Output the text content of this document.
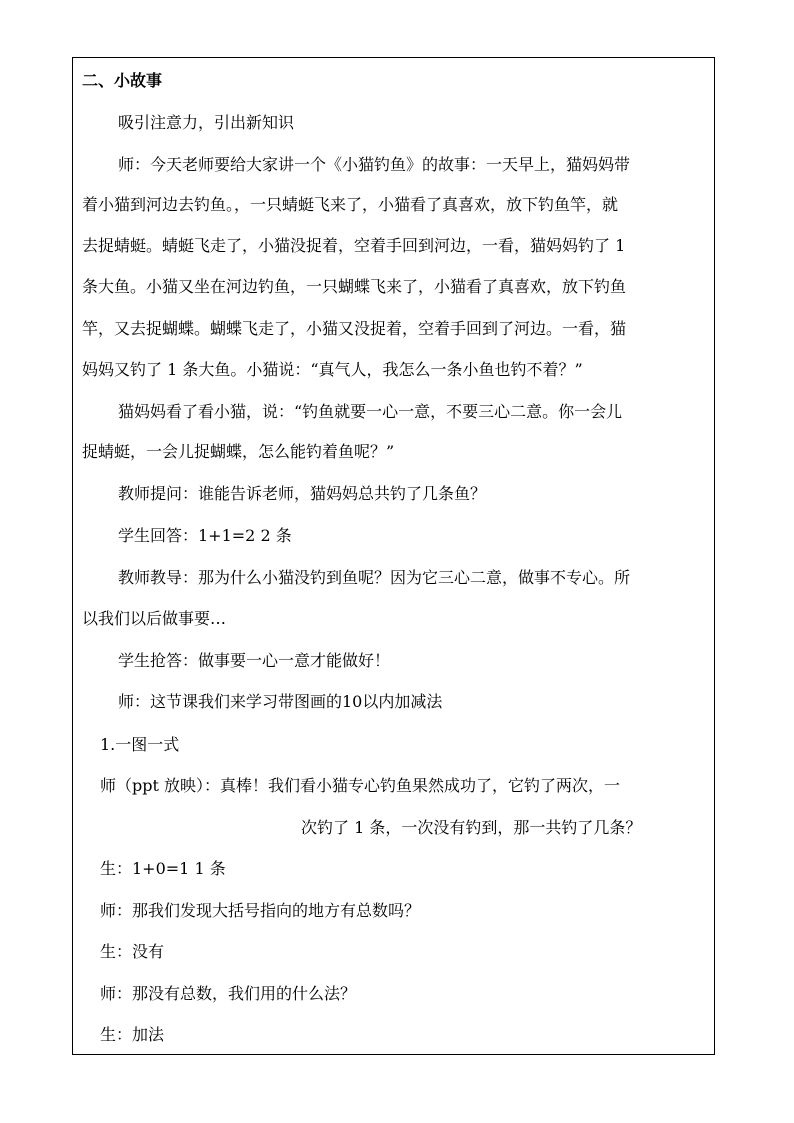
二、小故事
吸引注意力，引出新知识
师：今天老师要给大家讲一个《小猫钓鱼》的故事：一天早上，猫妈妈带
着小猫到河边去钓鱼。，一只蜻蜓飞来了，小猫看了真喜欢，放下钓鱼竿，就
去捉蜻蜓。蜻蜓飞走了，小猫没捉着，空着手回到河边，一看，猫妈妈钓了 1
条大鱼。小猫又坐在河边钓鱼，一只蝴蝶飞来了，小猫看了真喜欢，放下钓鱼
竿，又去捉蝴蝶。蝴蝶飞走了，小猫又没捉着，空着手回到了河边。一看，猫
妈妈又钓了 1 条大鱼。小猫说：“真气人，我怎么一条小鱼也钓不着？”
猫妈妈看了看小猫，说：“钓鱼就要一心一意，不要三心二意。你一会儿
捉蜻蜓，一会儿捉蝴蝶，怎么能钓着鱼呢？”
教师提问：谁能告诉老师，猫妈妈总共钓了几条鱼？
学生回答：1+1=2 2 条
教师教导：那为什么小猫没钓到鱼呢？因为它三心二意，做事不专心。所
以我们以后做事要…
学生抢答：做事要一心一意才能做好！
师：这节课我们来学习带图画的10以内加减法
1.一图一式
师（ppt 放映）：真棒！我们看小猫专心钓鱼果然成功了，它钓了两次，一
次钓了 1 条，一次没有钓到，那一共钓了几条？
生：1+0=1 1 条
师：那我们发现大括号指向的地方有总数吗？
生：没有
师：那没有总数，我们用的什么法？
生：加法
